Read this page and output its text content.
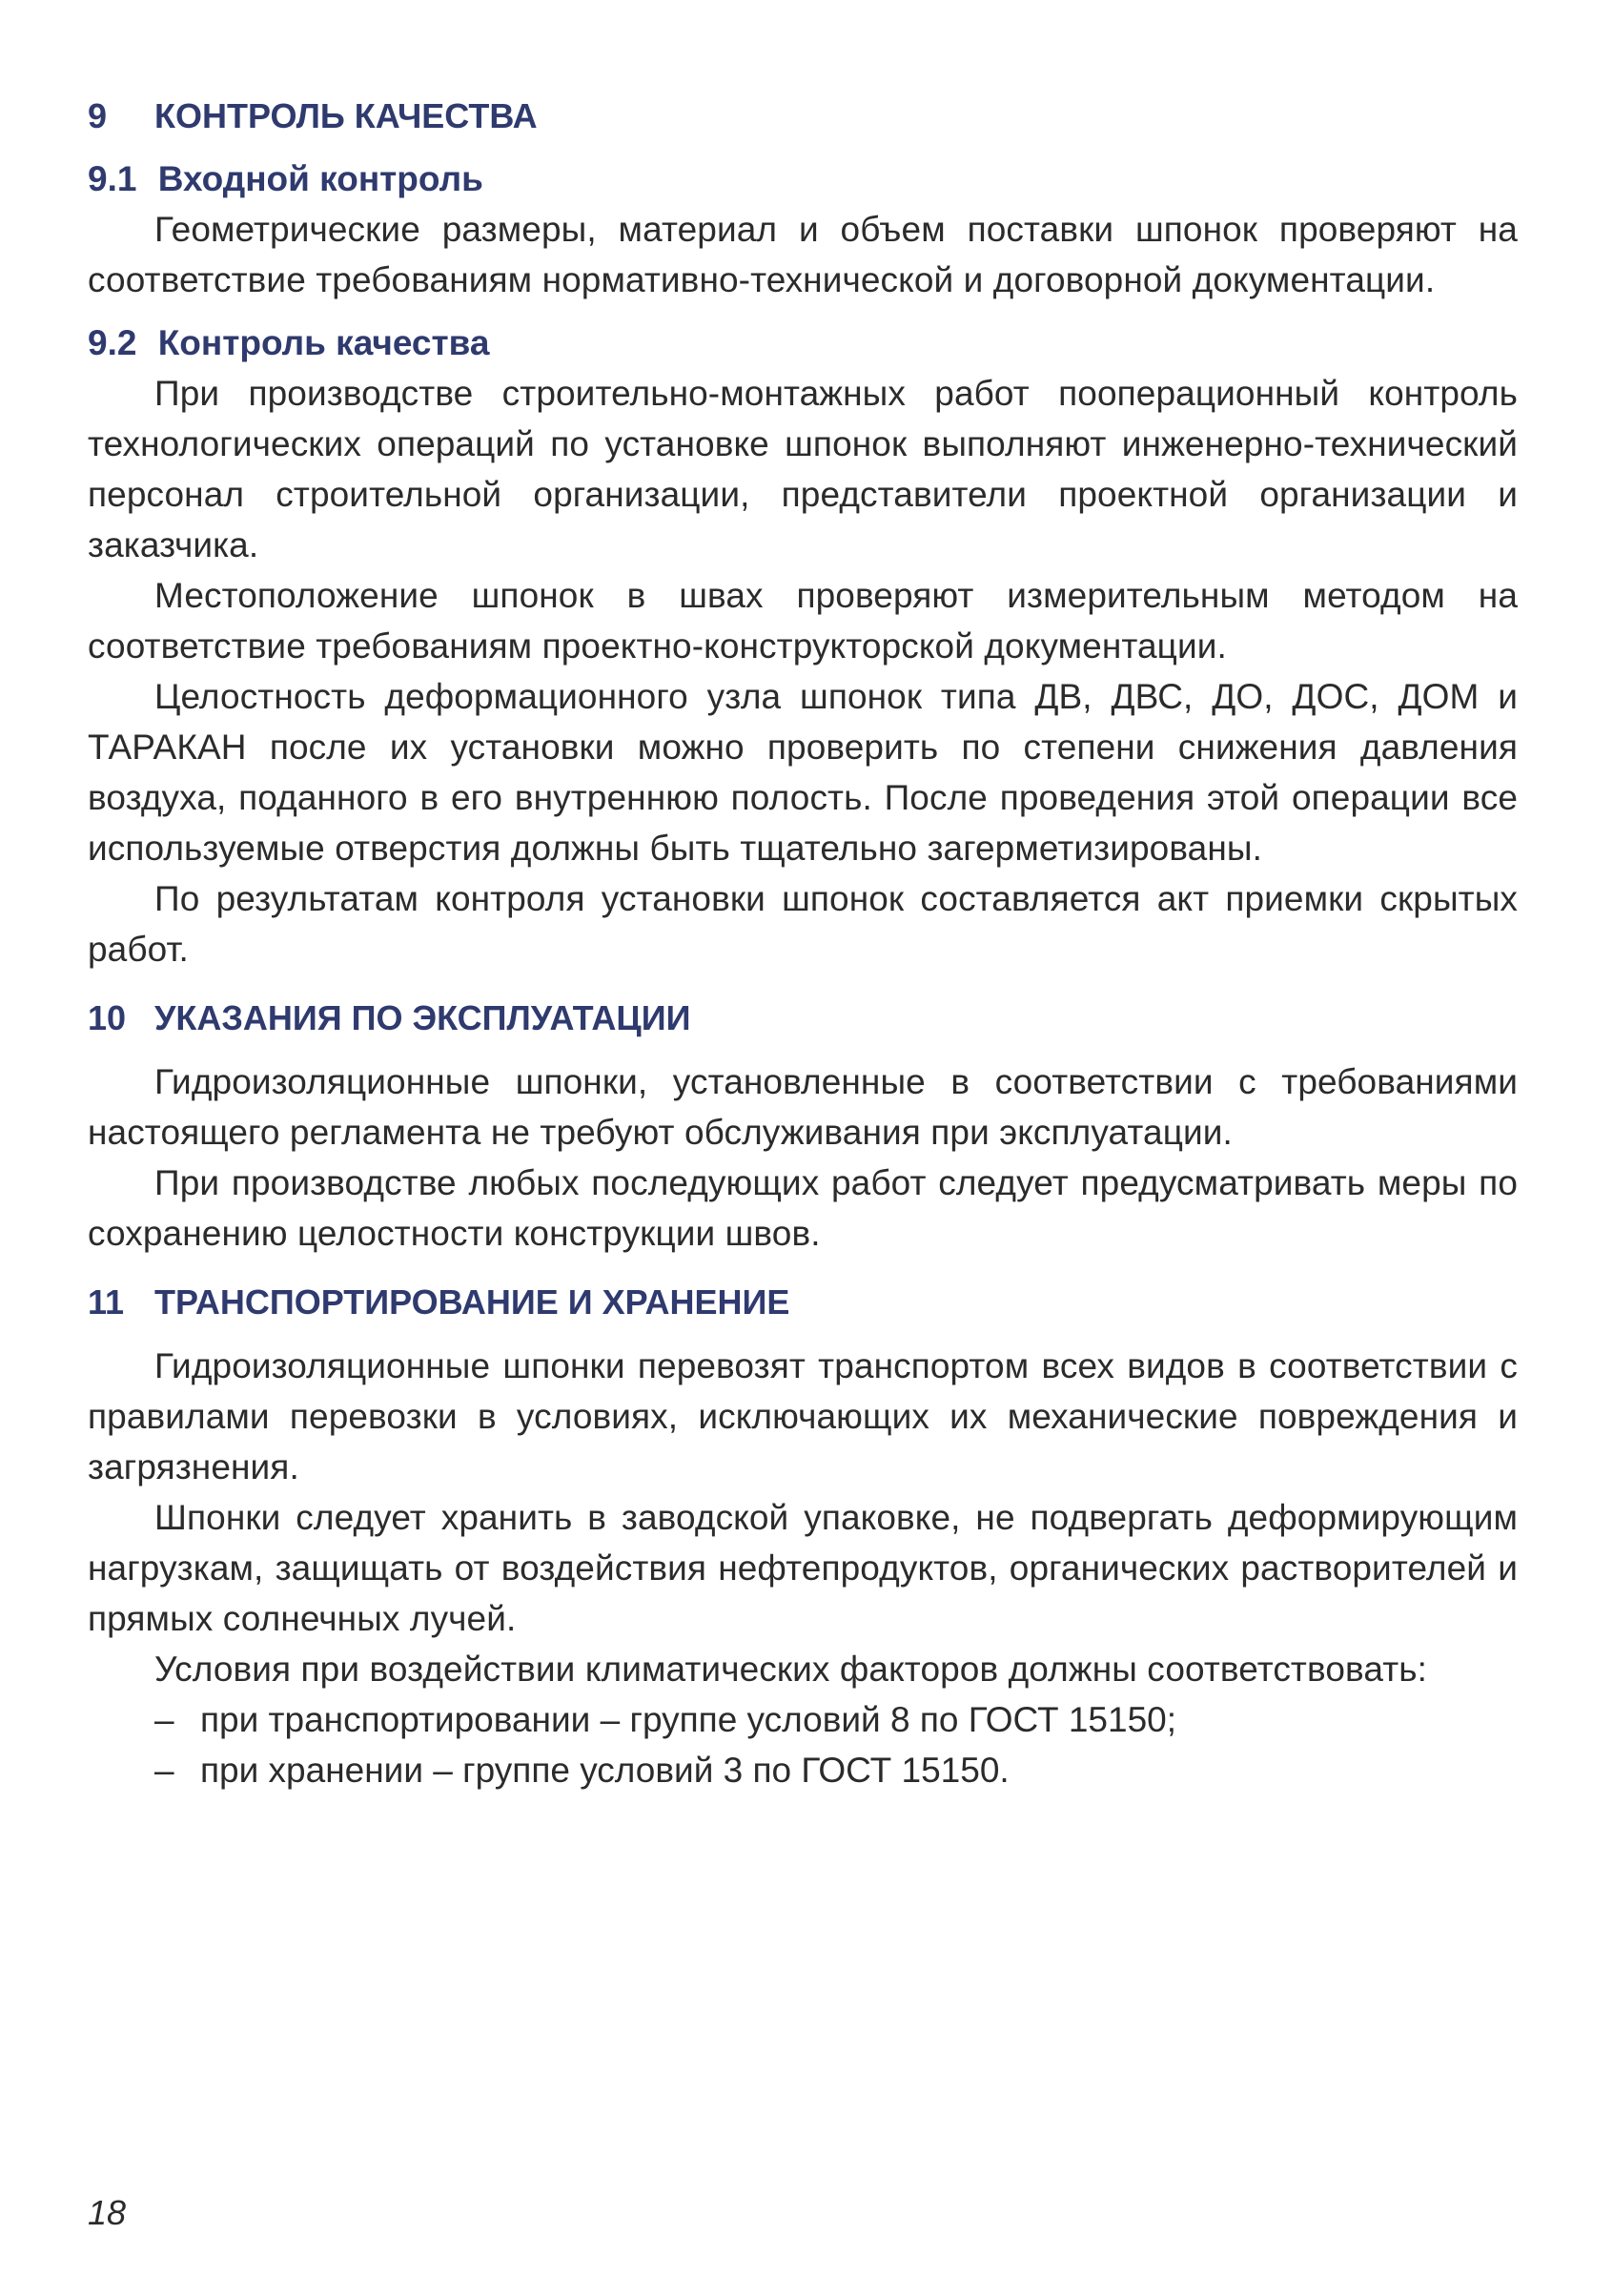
9	КОНТРОЛЬ КАЧЕСТВА
9.1 Входной контроль

Геометрические размеры, материал и объем поставки шпонок проверяют на соответствие требованиям нормативно-технической и договорной документации.

9.2 Контроль качества

При производстве строительно-монтажных работ пооперационный контроль технологических операций по установке шпонок выполняют инженерно-технический персонал строительной организации, представители проектной организации и заказчика.

Местоположение шпонок в швах проверяют измерительным методом на соответствие требованиям проектно-конструкторской документации.

Целостность деформационного узла шпонок типа ДВ, ДВС, ДО, ДОС, ДОМ и ТАРАКАН после их установки можно проверить по степени снижения давления воздуха, поданного в его внутреннюю полость. После проведения этой операции все используемые отверстия должны быть тщательно загерметизированы.

По результатам контроля установки шпонок составляется акт приемки скрытых работ.

10 УКАЗАНИЯ ПО ЭКСПЛУАТАЦИИ

Гидроизоляционные шпонки, установленные в соответствии с требованиями настоящего регламента не требуют обслуживания при эксплуатации.

При производстве любых последующих работ следует предусматривать меры по сохранению целостности конструкции швов.

11 ТРАНСПОРТИРОВАНИЕ И ХРАНЕНИЕ

Гидроизоляционные шпонки перевозят транспортом всех видов в соответствии с правилами перевозки в условиях, исключающих их механические повреждения и загрязнения.

Шпонки следует хранить в заводской упаковке, не подвергать деформирующим нагрузкам, защищать от воздействия нефтепродуктов, органических растворителей и прямых солнечных лучей.

Условия при воздействии климатических факторов должны соответствовать:

– при транспортировании – группе условий 8 по ГОСТ 15150;
– при хранении – группе условий 3 по ГОСТ 15150.
18
